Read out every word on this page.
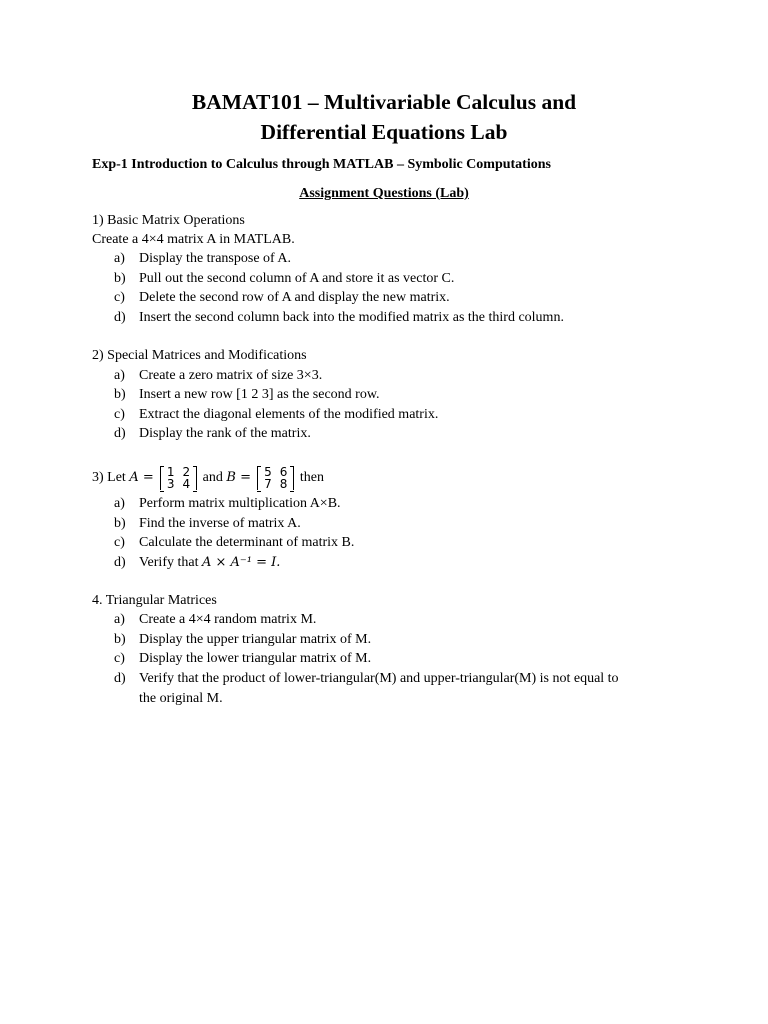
BAMAT101 – Multivariable Calculus and
Differential Equations Lab
Exp-1 Introduction to Calculus through MATLAB – Symbolic Computations
Assignment Questions (Lab)
1) Basic Matrix Operations
Create a 4×4 matrix A in MATLAB.
a) Display the transpose of A.
b) Pull out the second column of A and store it as vector C.
c) Delete the second row of A and display the new matrix.
d) Insert the second column back into the modified matrix as the third column.
2) Special Matrices and Modifications
a) Create a zero matrix of size 3×3.
b) Insert a new row [1 2 3] as the second row.
c) Extract the diagonal elements of the modified matrix.
d) Display the rank of the matrix.
3) Let A = 1	2
3	4 and B = 5	6
7	8 then
a) Perform matrix multiplication A×B.
b) Find the inverse of matrix A.
c) Calculate the determinant of matrix B.
d) Verify that A × A⁻¹ = I.
4. Triangular Matrices
a) Create a 4×4 random matrix M.
b) Display the upper triangular matrix of M.
c) Display the lower triangular matrix of M.
d) Verify that the product of lower-triangular(M) and upper-triangular(M) is not equal to
the original M.
